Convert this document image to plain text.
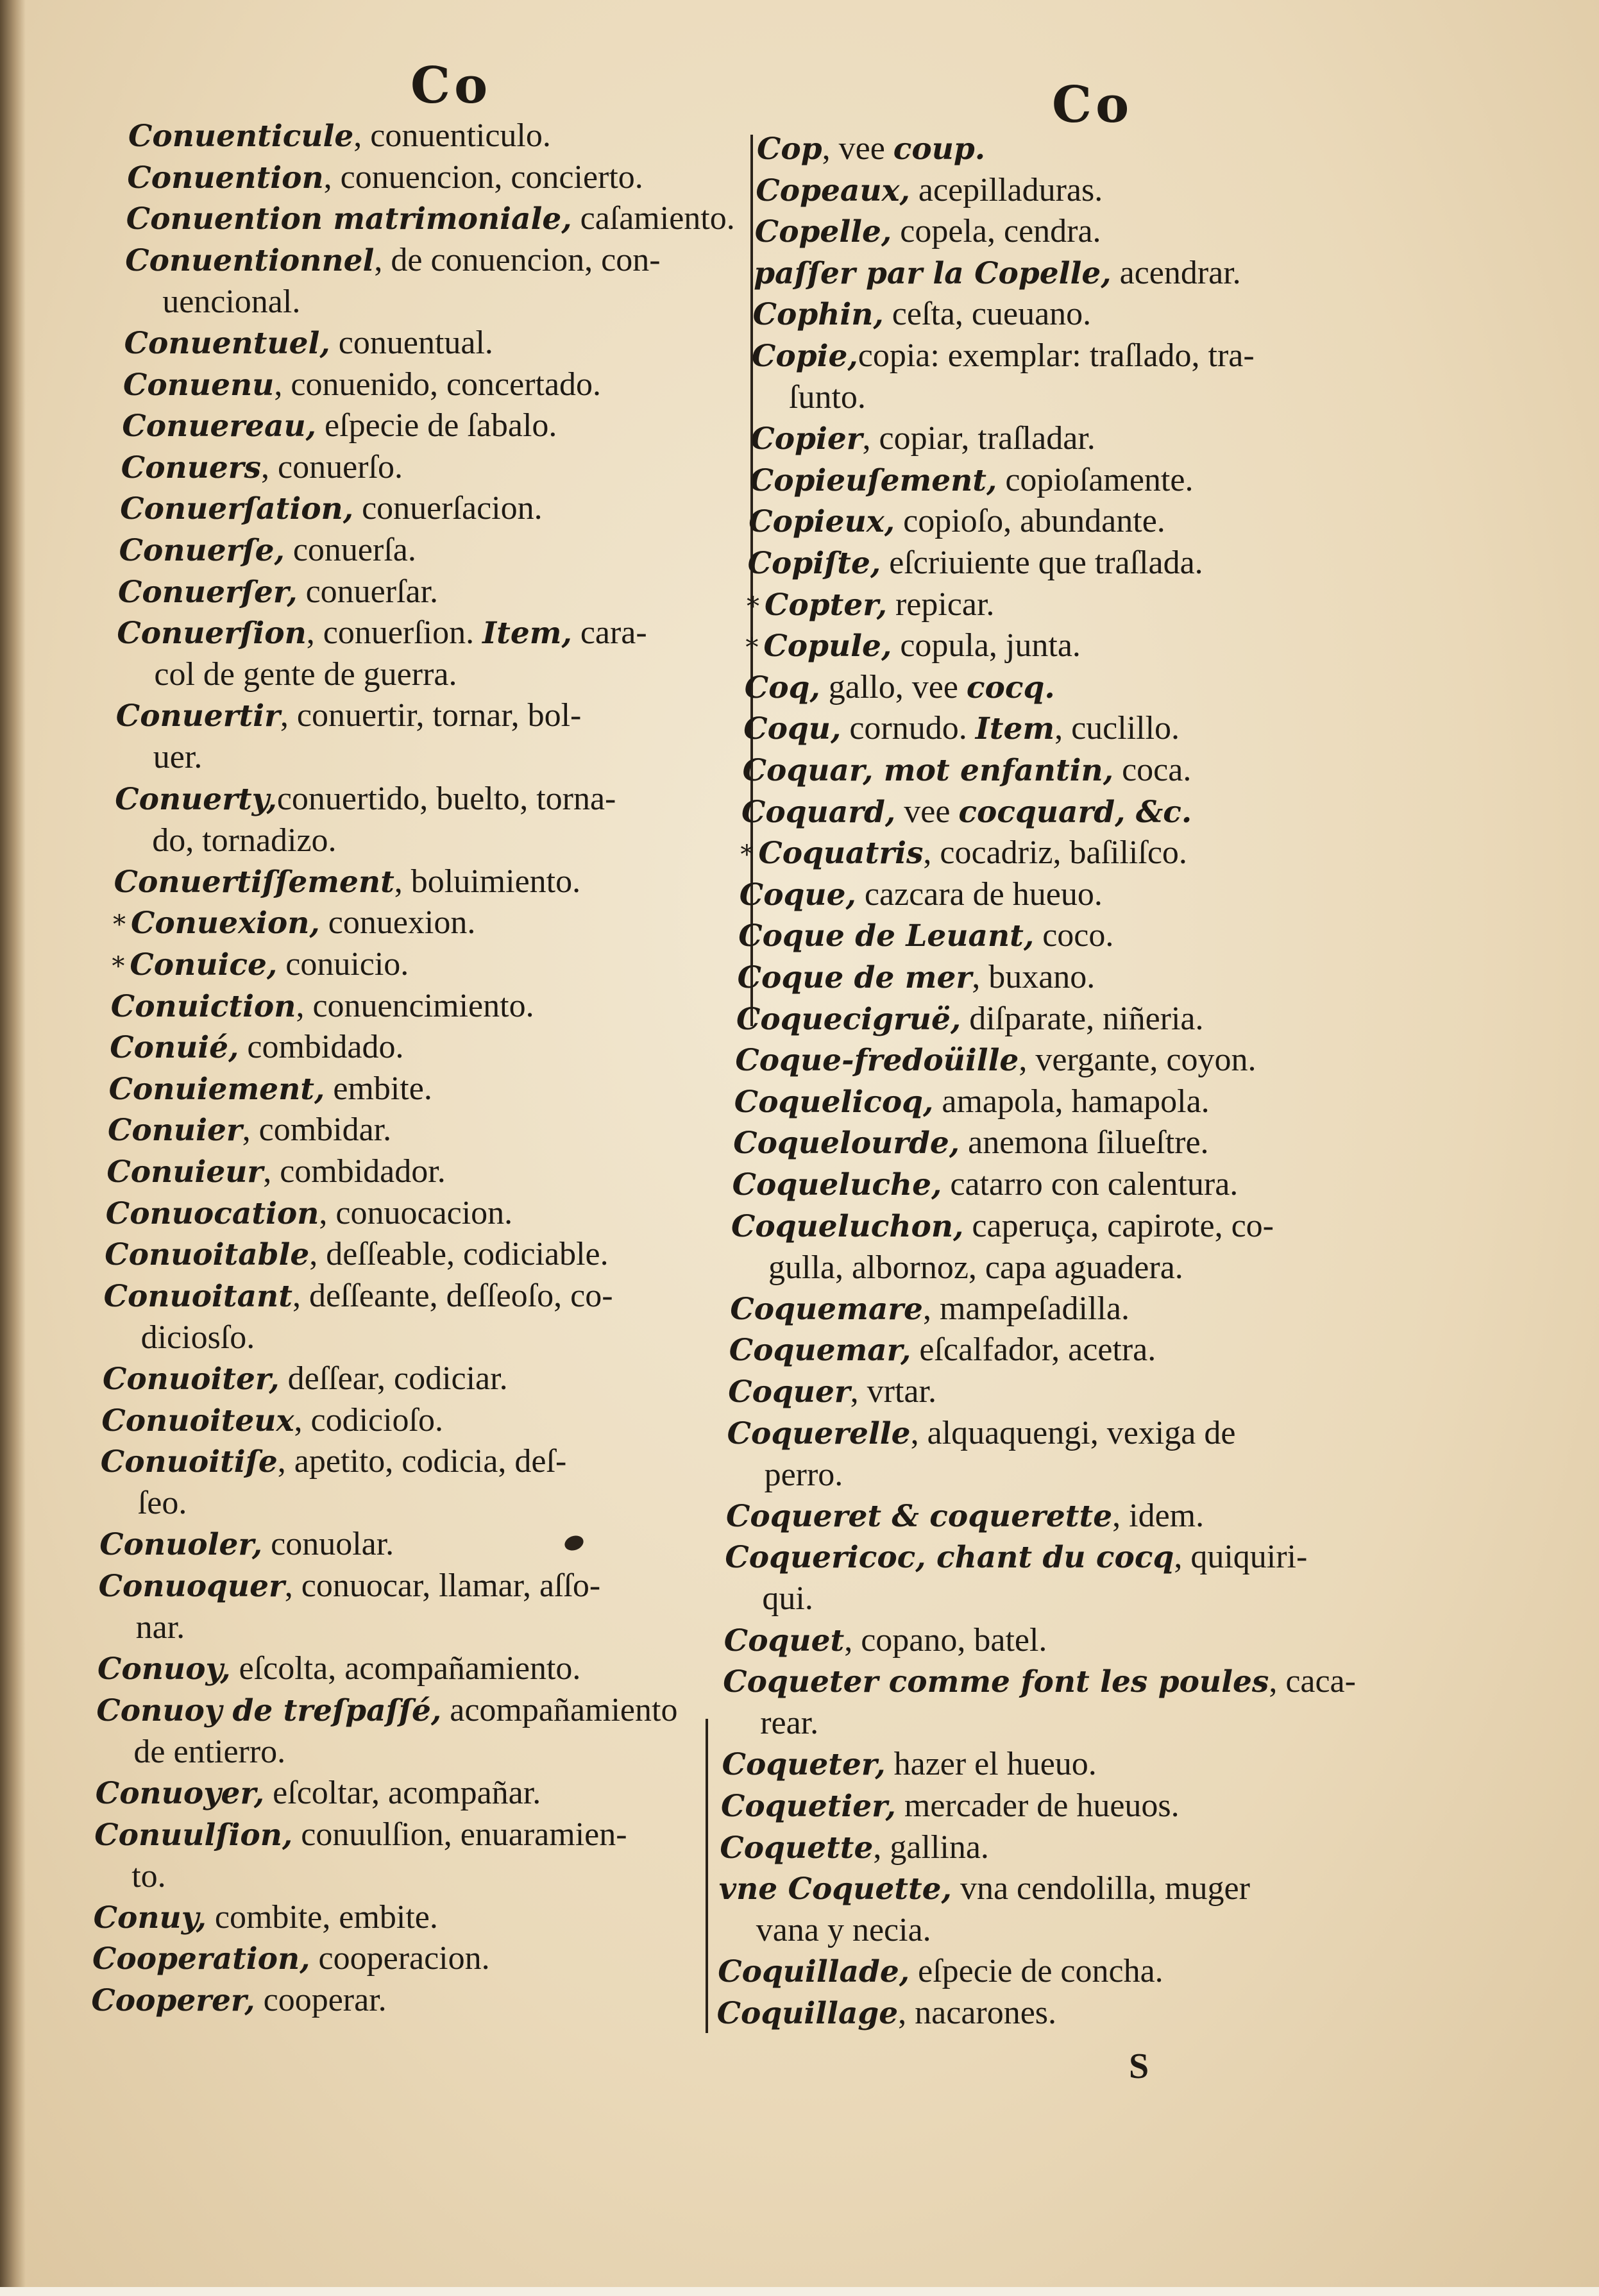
Co	Co
Conuenticule, conuenticulo.
Conuention, conuencion, concierto.
Conuention matrimoniale, caſamiento.
Conuentionnel, de conuencion, con-
uencional.
Conuentuel, conuentual.
Conuenu, conuenido, concertado.
Conuereau, eſpecie de ſabalo.
Conuers, conuerſo.
Conuerſation, conuerſacion.
Conuerſe, conuerſa.
Conuerſer, conuerſar.
Conuerſion, conuerſion. Item, cara-
col de gente de guerra.
Conuertir, conuertir, tornar, bol-
uer.
Conuerty,conuertido, buelto, torna-
do, tornadizo.
Conuertiſſement, boluimiento.
* Conuexion, conuexion.
* Conuice, conuicio.
Conuiction, conuencimiento.
Conuié, combidado.
Conuiement, embite.
Conuier, combidar.
Conuieur, combidador.
Conuocation, conuocacion.
Conuoitable, deſſeable, codiciable.
Conuoitant, deſſeante, deſſeoſo, co-
diciosſo.
Conuoiter, deſſear, codiciar.
Conuoiteux, codicioſo.
Conuoitiſe, apetito, codicia, deſ-
ſeo.
Conuoler, conuolar.
Conuoquer, conuocar, llamar, aſſo-
nar.
Conuoy, eſcolta, acompañamiento.
Conuoy de treſpaſſé, acompañamiento
de entierro.
Conuoyer, eſcoltar, acompañar.
Conuulſion, conuulſion, enuaramien-
to.
Conuy, combite, embite.
Cooperation, cooperacion.
Cooperer, cooperar.
Cop, vee coup.
Copeaux, acepilladuras.
Copelle, copela, cendra.
paſſer par la Copelle, acendrar.
Cophin, ceſta, cueuano.
Copie,copia: exemplar: traſlado, tra-
ſunto.
Copier, copiar, traſladar.
Copieuſement, copioſamente.
Copieux, copioſo, abundante.
Copiſte, eſcriuiente que traſlada.
* Copter, repicar.
* Copule, copula, junta.
Coq, gallo, vee cocq.
Coqu, cornudo. Item, cuclillo.
Coquar, mot enfantin, coca.
Coquard, vee cocquard, &c.
* Coquatris, cocadriz, baſiliſco.
Coque, cazcara de hueuo.
Coque de Leuant, coco.
Coque de mer, buxano.
Coquecigruë, diſparate, niñeria.
Coque-fredoüille, vergante, coyon.
Coquelicoq, amapola, hamapola.
Coquelourde, anemona ſilueſtre.
Coqueluche, catarro con calentura.
Coqueluchon, caperuça, capirote, co-
gulla, albornoz, capa aguadera.
Coquemare, mampeſadilla.
Coquemar, eſcalfador, acetra.
Coquer, vrtar.
Coquerelle, alquaquengi, vexiga de
perro.
Coqueret & coquerette, idem.
Coquericoc, chant du cocq, quiquiri-
qui.
Coquet, copano, batel.
Coqueter comme font les poules, caca-
rear.
Coqueter, hazer el hueuo.
Coquetier, mercader de hueuos.
Coquette, gallina.
vne Coquette, vna cendolilla, muger
vana y necia.
Coquillade, eſpecie de concha.
Coquillage, nacarones.
S
